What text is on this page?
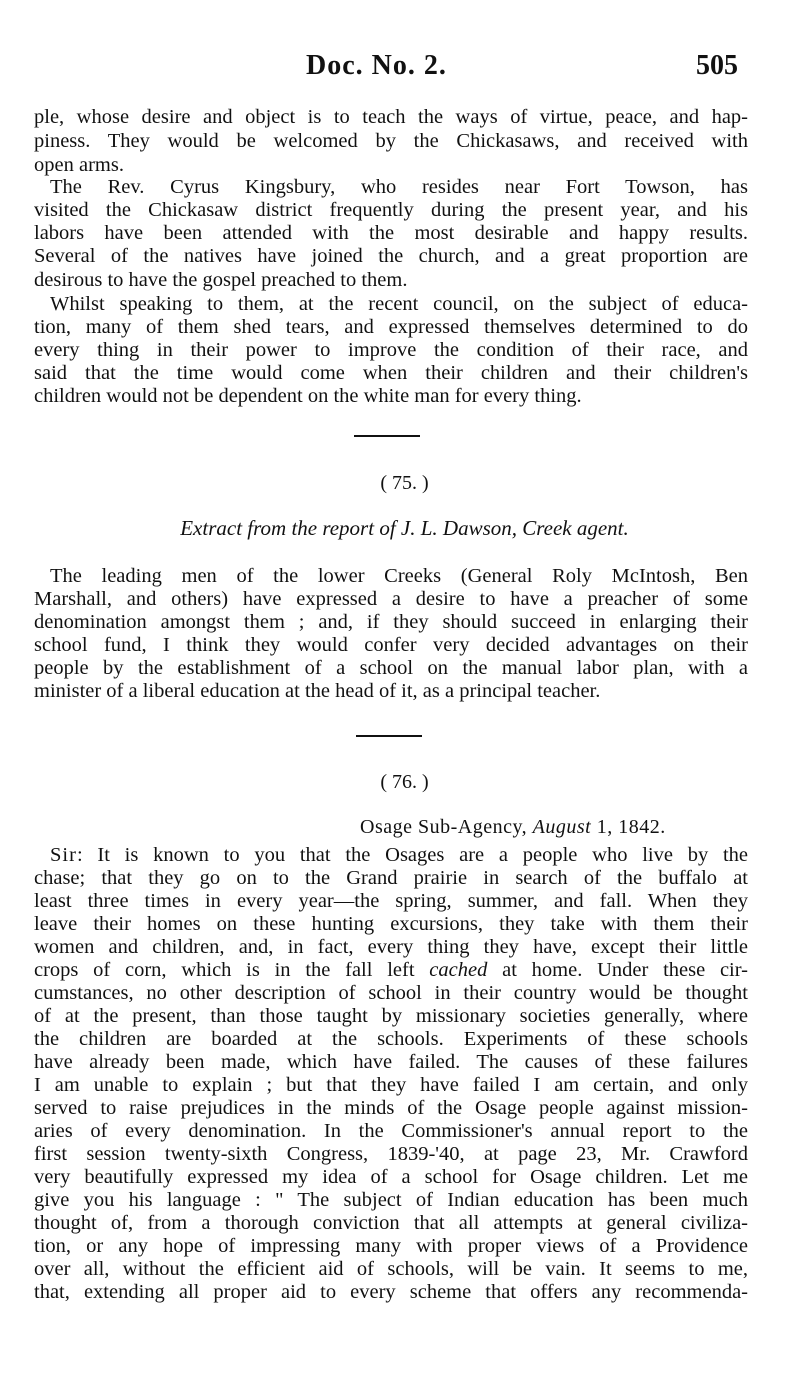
Doc. No. 2.	505
ple, whose desire and object is to teach the ways of virtue, peace, and hap-
piness. They would be welcomed by the Chickasaws, and received with
open arms.
The Rev. Cyrus Kingsbury, who resides near Fort Towson, has
visited the Chickasaw district frequently during the present year, and his
labors have been attended with the most desirable and happy results.
Several of the natives have joined the church, and a great proportion are
desirous to have the gospel preached to them.
Whilst speaking to them, at the recent council, on the subject of educa-
tion, many of them shed tears, and expressed themselves determined to do
every thing in their power to improve the condition of their race, and
said that the time would come when their children and their children's
children would not be dependent on the white man for every thing.
( 75. )
Extract from the report of J. L. Dawson, Creek agent.
The leading men of the lower Creeks (General Roly McIntosh, Ben
Marshall, and others) have expressed a desire to have a preacher of some
denomination amongst them ; and, if they should succeed in enlarging their
school fund, I think they would confer very decided advantages on their
people by the establishment of a school on the manual labor plan, with a
minister of a liberal education at the head of it, as a principal teacher.
( 76. )
Osage Sub-Agency, August 1, 1842.
Sir: It is known to you that the Osages are a people who live by the
chase; that they go on to the Grand prairie in search of the buffalo at
least three times in every year—the spring, summer, and fall. When they
leave their homes on these hunting excursions, they take with them their
women and children, and, in fact, every thing they have, except their little
crops of corn, which is in the fall left cached at home. Under these cir-
cumstances, no other description of school in their country would be thought
of at the present, than those taught by missionary societies generally, where
the children are boarded at the schools. Experiments of these schools
have already been made, which have failed. The causes of these failures
I am unable to explain ; but that they have failed I am certain, and only
served to raise prejudices in the minds of the Osage people against mission-
aries of every denomination. In the Commissioner's annual report to the
first session twenty-sixth Congress, 1839-'40, at page 23, Mr. Crawford
very beautifully expressed my idea of a school for Osage children. Let me
give you his language : " The subject of Indian education has been much
thought of, from a thorough conviction that all attempts at general civiliza-
tion, or any hope of impressing many with proper views of a Providence
over all, without the efficient aid of schools, will be vain. It seems to me,
that, extending all proper aid to every scheme that offers any recommenda-
